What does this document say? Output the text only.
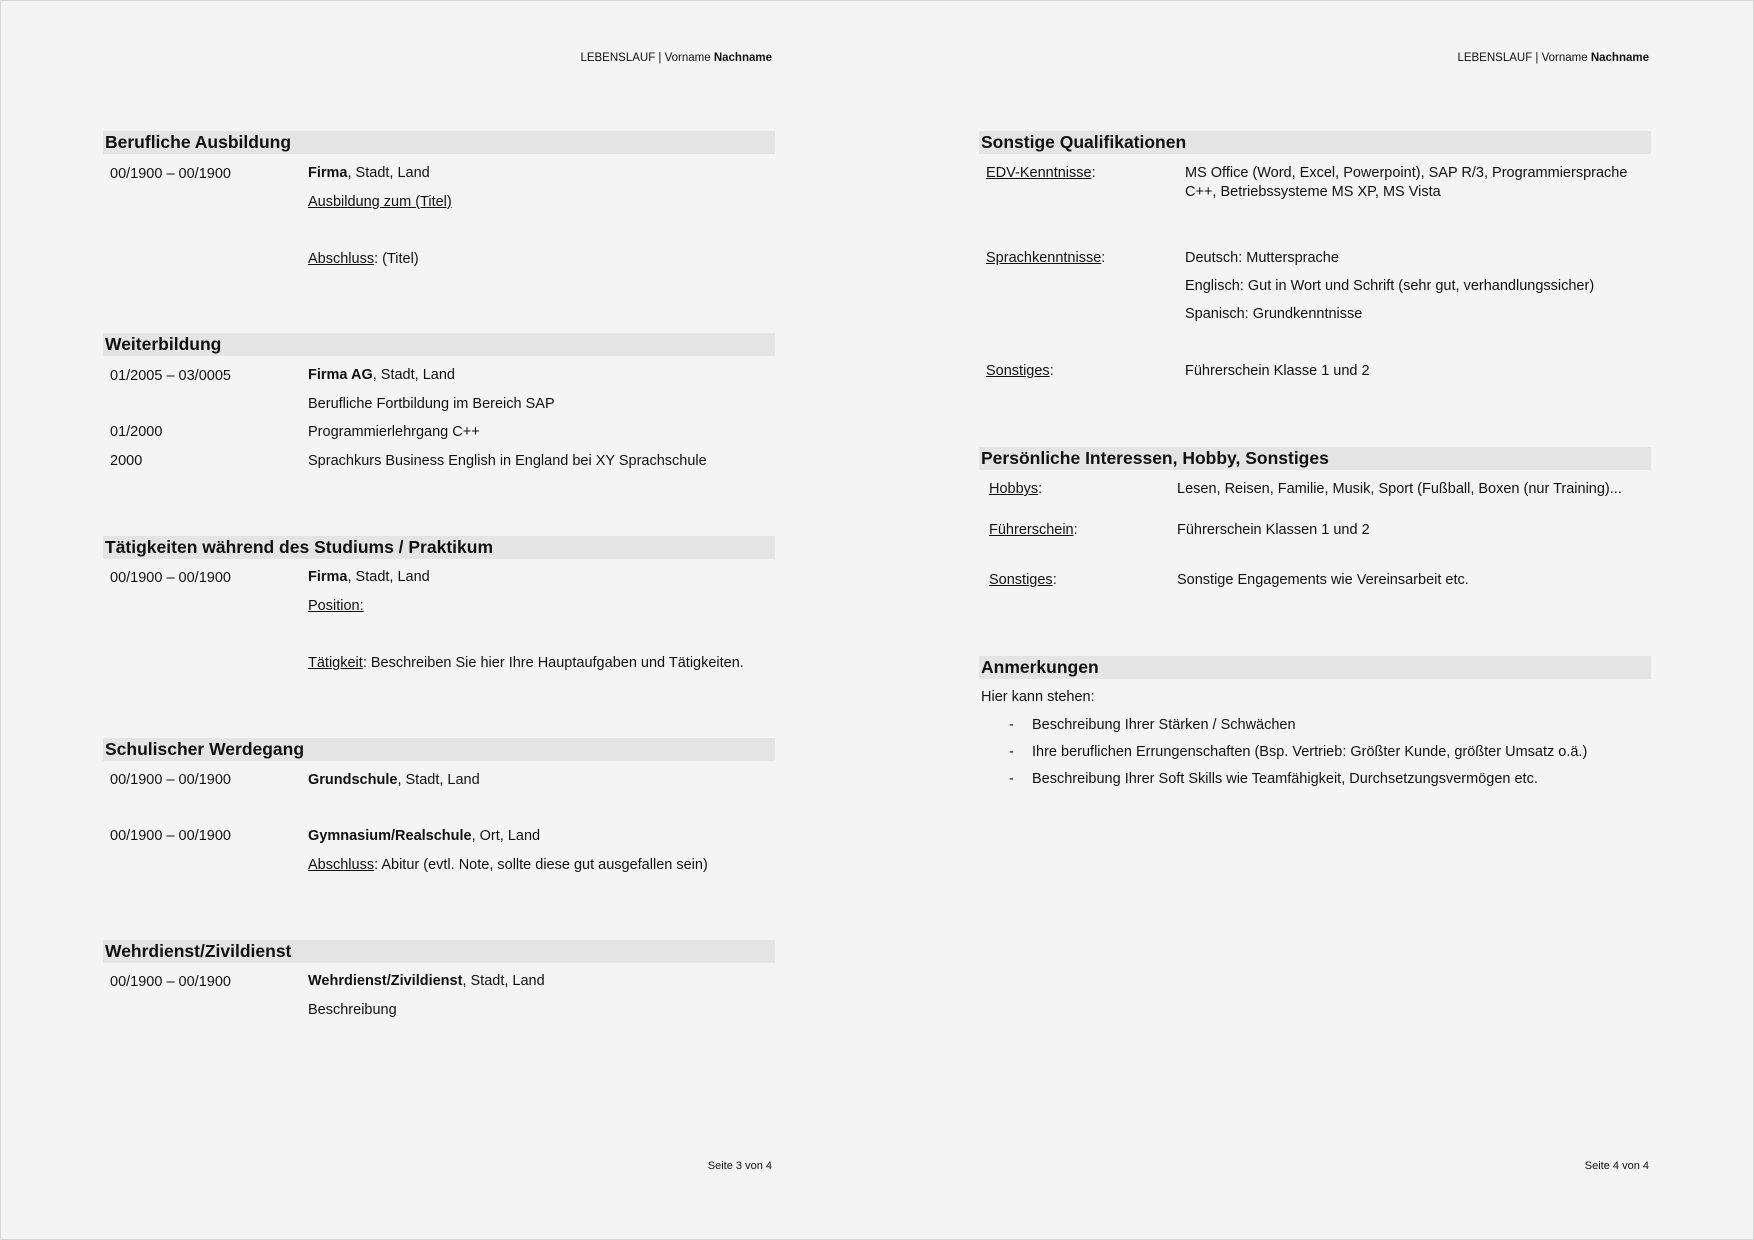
LEBENSLAUF | Vorname Nachname
Berufliche Ausbildung
00/1900 – 00/1900	Firma, Stadt, Land
Ausbildung zum (Titel)
Abschluss: (Titel)
Weiterbildung
01/2005 – 03/0005	Firma AG, Stadt, Land
Berufliche Fortbildung im Bereich SAP
01/2000	Programmierlehrgang C++
2000	Sprachkurs Business English in England bei XY Sprachschule
Tätigkeiten während des Studiums / Praktikum
00/1900 – 00/1900	Firma, Stadt, Land
Position:
Tätigkeit: Beschreiben Sie hier Ihre Hauptaufgaben und Tätigkeiten.
Schulischer Werdegang
00/1900 – 00/1900	Grundschule, Stadt, Land
00/1900 – 00/1900	Gymnasium/Realschule, Ort, Land
Abschluss: Abitur (evtl. Note, sollte diese gut ausgefallen sein)
Wehrdienst/Zivildienst
00/1900 – 00/1900	Wehrdienst/Zivildienst, Stadt, Land
Beschreibung
Seite 3 von 4
LEBENSLAUF | Vorname Nachname
Sonstige Qualifikationen
EDV-Kenntnisse:	MS Office (Word, Excel, Powerpoint), SAP R/3, Programmiersprache
C++, Betriebssysteme MS XP, MS Vista
Sprachkenntnisse:	Deutsch: Muttersprache
Englisch: Gut in Wort und Schrift (sehr gut, verhandlungssicher)
Spanisch: Grundkenntnisse
Sonstiges:	Führerschein Klasse 1 und 2
Persönliche Interessen, Hobby, Sonstiges
Hobbys:	Lesen, Reisen, Familie, Musik, Sport (Fußball, Boxen (nur Training)...
Führerschein:	Führerschein Klassen 1 und 2
Sonstiges:	Sonstige Engagements wie Vereinsarbeit etc.
Anmerkungen
Hier kann stehen:
- Beschreibung Ihrer Stärken / Schwächen
- Ihre beruflichen Errungenschaften (Bsp. Vertrieb: Größter Kunde, größter Umsatz o.ä.)
- Beschreibung Ihrer Soft Skills wie Teamfähigkeit, Durchsetzungsvermögen etc.
Seite 4 von 4
